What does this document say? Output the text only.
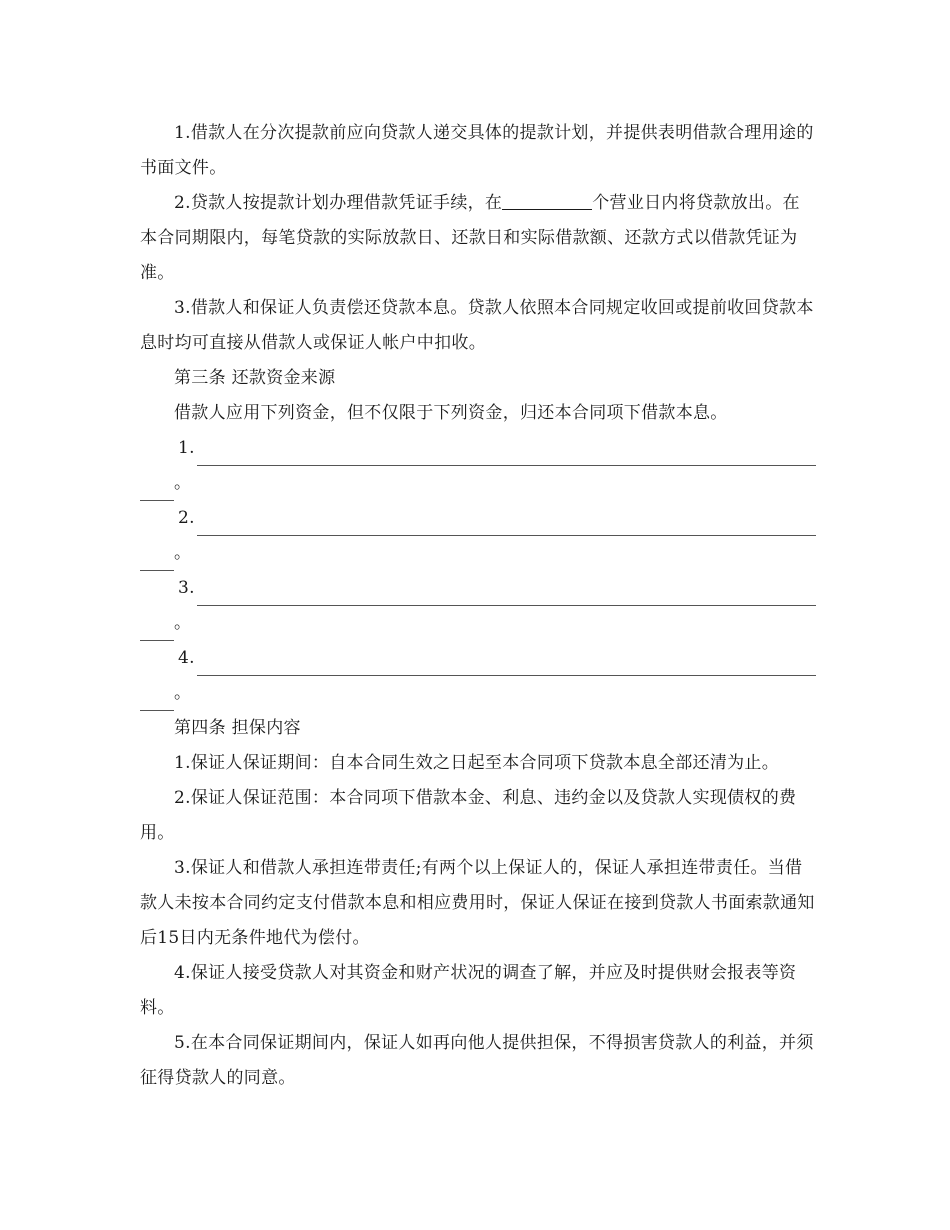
1.借款人在分次提款前应向贷款人递交具体的提款计划，并提供表明借款合理用途的书面文件。

2.贷款人按提款计划办理借款凭证手续，在	个营业日内将贷款放出。在本合同期限内，每笔贷款的实际放款日、还款日和实际借款额、还款方式以借款凭证为准。

3.借款人和保证人负责偿还贷款本息。贷款人依照本合同规定收回或提前收回贷款本息时均可直接从借款人或保证人帐户中扣收。

第三条 还款资金来源

借款人应用下列资金，但不仅限于下列资金，归还本合同项下借款本息。

1.
。
2.
。
3.
。
4.
。

第四条 担保内容

1.保证人保证期间：自本合同生效之日起至本合同项下贷款本息全部还清为止。

2.保证人保证范围：本合同项下借款本金、利息、违约金以及贷款人实现债权的费用。

3.保证人和借款人承担连带责任;有两个以上保证人的，保证人承担连带责任。当借款人未按本合同约定支付借款本息和相应费用时，保证人保证在接到贷款人书面索款通知后15日内无条件地代为偿付。

4.保证人接受贷款人对其资金和财产状况的调查了解，并应及时提供财会报表等资料。

5.在本合同保证期间内，保证人如再向他人提供担保，不得损害贷款人的利益，并须征得贷款人的同意。
